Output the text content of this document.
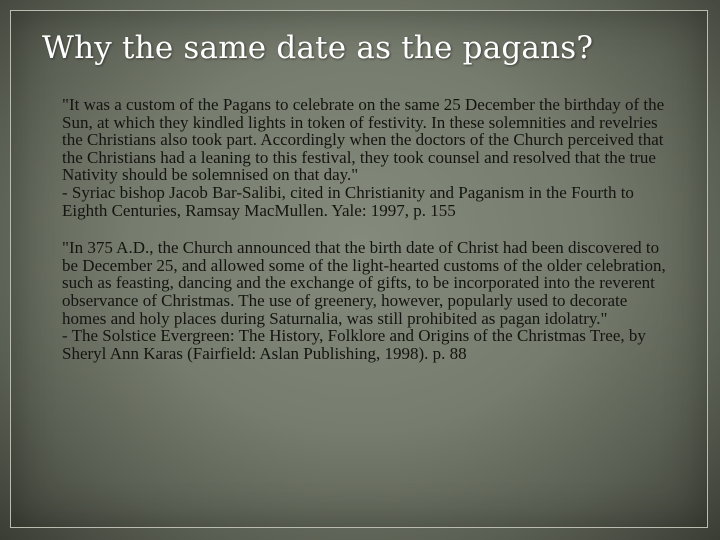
Why the same date as the pagans?
"It was a custom of the Pagans to celebrate on the same 25 December the birthday of the Sun, at which they kindled lights in token of festivity. In these solemnities and revelries the Christians also took part. Accordingly when the doctors of the Church perceived that the Christians had a leaning to this festival, they took counsel and resolved that the true Nativity should be solemnised on that day."
- Syriac bishop Jacob Bar-Salibi, cited in Christianity and Paganism in the Fourth to Eighth Centuries, Ramsay MacMullen. Yale: 1997, p. 155
"In 375 A.D., the Church announced that the birth date of Christ had been discovered to be December 25, and allowed some of the light-hearted customs of the older celebration, such as feasting, dancing and the exchange of gifts, to be incorporated into the reverent observance of Christmas. The use of greenery, however, popularly used to decorate homes and holy places during Saturnalia, was still prohibited as pagan idolatry."
- The Solstice Evergreen: The History, Folklore and Origins of the Christmas Tree, by Sheryl Ann Karas (Fairfield: Aslan Publishing, 1998). p. 88
